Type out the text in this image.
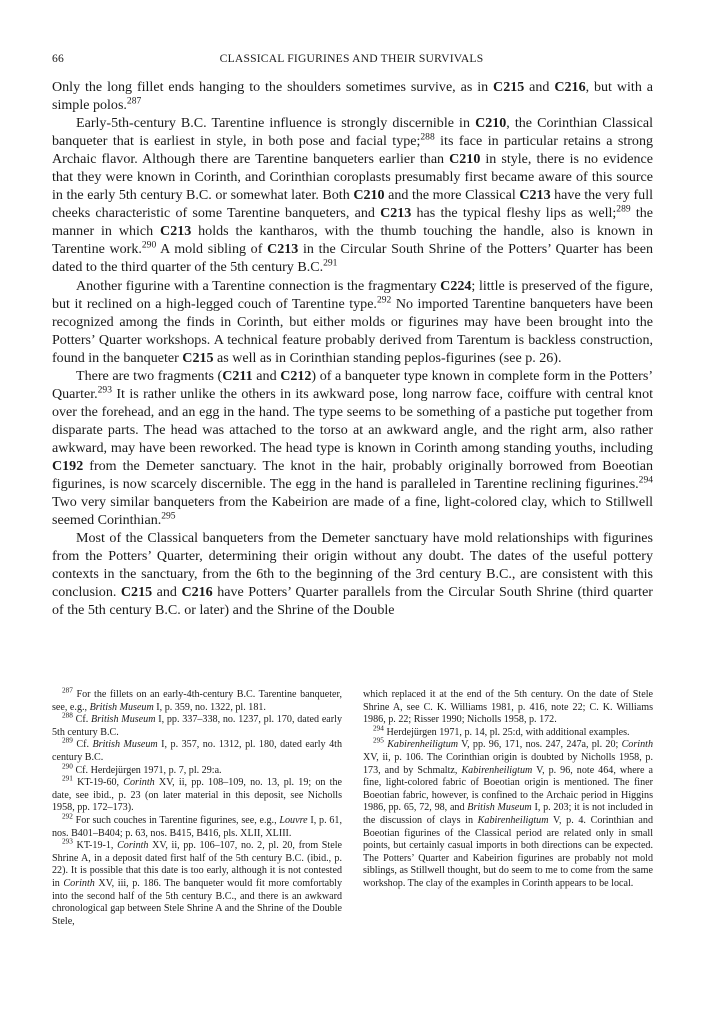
66	CLASSICAL FIGURINES AND THEIR SURVIVALS

Only the long fillet ends hanging to the shoulders sometimes survive, as in C215 and C216, but with a simple polos.$^{287}$

Early-5th-century B.C. Tarentine influence is strongly discernible in C210, the Corinthian Classical banqueter that is earliest in style, in both pose and facial type;$^{288}$ its face in particular retains a strong Archaic flavor. Although there are Tarentine banqueters earlier than C210 in style, there is no evidence that they were known in Corinth, and Corinthian coroplasts presumably first became aware of this source in the early 5th century B.C. or somewhat later. Both C210 and the more Classical C213 have the very full cheeks characteristic of some Tarentine banqueters, and C213 has the typical fleshy lips as well;$^{289}$ the manner in which C213 holds the kantharos, with the thumb touching the handle, also is known in Tarentine work.$^{290}$ A mold sibling of C213 in the Circular South Shrine of the Potters’ Quarter has been dated to the third quarter of the 5th century B.C.$^{291}$

Another figurine with a Tarentine connection is the fragmentary C224; little is preserved of the figure, but it reclined on a high-legged couch of Tarentine type.$^{292}$ No imported Tarentine banqueters have been recognized among the finds in Corinth, but either molds or figurines may have been brought into the Potters’ Quarter workshops. A technical feature probably derived from Tarentum is backless construction, found in the banqueter C215 as well as in Corinthian standing peplos-figurines (see p. 26).

There are two fragments (C211 and C212) of a banqueter type known in complete form in the Potters’ Quarter.$^{293}$ It is rather unlike the others in its awkward pose, long narrow face, coiffure with central knot over the forehead, and an egg in the hand. The type seems to be something of a pastiche put together from disparate parts. The head was attached to the torso at an awkward angle, and the right arm, also rather awkward, may have been reworked. The head type is known in Corinth among standing youths, including C192 from the Demeter sanctuary. The knot in the hair, probably originally borrowed from Boeotian figurines, is now scarcely discernible. The egg in the hand is paralleled in Tarentine reclining figurines.$^{294}$ Two very similar banqueters from the Kabeirion are made of a fine, light-colored clay, which to Stillwell seemed Corinthian.$^{295}$

Most of the Classical banqueters from the Demeter sanctuary have mold relationships with figurines from the Potters’ Quarter, determining their origin without any doubt. The dates of the useful pottery contexts in the sanctuary, from the 6th to the beginning of the 3rd century B.C., are consistent with this conclusion. C215 and C216 have Potters’ Quarter parallels from the Circular South Shrine (third quarter of the 5th century B.C. or later) and the Shrine of the Double

$^{287}$ For the fillets on an early-4th-century B.C. Tarentine banqueter, see, e.g., British Museum I, p. 359, no. 1322, pl. 181.

$^{288}$ Cf. British Museum I, pp. 337–338, no. 1237, pl. 170, dated early 5th century B.C.

$^{289}$ Cf. British Museum I, p. 357, no. 1312, pl. 180, dated early 4th century B.C.

$^{290}$ Cf. Herdejürgen 1971, p. 7, pl. 29:a.

$^{291}$ KT-19-60, Corinth XV, ii, pp. 108–109, no. 13, pl. 19; on the date, see ibid., p. 23 (on later material in this deposit, see Nicholls 1958, pp. 172–173).

$^{292}$ For such couches in Tarentine figurines, see, e.g., Louvre I, p. 61, nos. B401–B404; p. 63, nos. B415, B416, pls. XLII, XLIII.

$^{293}$ KT-19-1, Corinth XV, ii, pp. 106–107, no. 2, pl. 20, from Stele Shrine A, in a deposit dated first half of the 5th century B.C. (ibid., p. 22). It is possible that this date is too early, although it is not contested in Corinth XV, iii, p. 186. The banqueter would fit more comfortably into the second half of the 5th century B.C., and there is an awkward chronological gap between Stele Shrine A and the Shrine of the Double Stele,

which replaced it at the end of the 5th century. On the date of Stele Shrine A, see C. K. Williams 1981, p. 416, note 22; C. K. Williams 1986, p. 22; Risser 1990; Nicholls 1958, p. 172.

$^{294}$ Herdejürgen 1971, p. 14, pl. 25:d, with additional examples.

$^{295}$ Kabirenheiligtum V, pp. 96, 171, nos. 247, 247a, pl. 20; Corinth XV, ii, p. 106. The Corinthian origin is doubted by Nicholls 1958, p. 173, and by Schmaltz, Kabirenheiligtum V, p. 96, note 464, where a fine, light-colored fabric of Boeotian origin is mentioned. The finer Boeotian fabric, however, is confined to the Archaic period in Higgins 1986, pp. 65, 72, 98, and British Museum I, p. 203; it is not included in the discussion of clays in Kabirenheiligtum V, p. 4. Corinthian and Boeotian figurines of the Classical period are related only in small points, but certainly casual imports in both directions can be expected. The Potters’ Quarter and Kabeirion figurines are probably not mold siblings, as Stillwell thought, but do seem to me to come from the same workshop. The clay of the examples in Corinth appears to be local.
